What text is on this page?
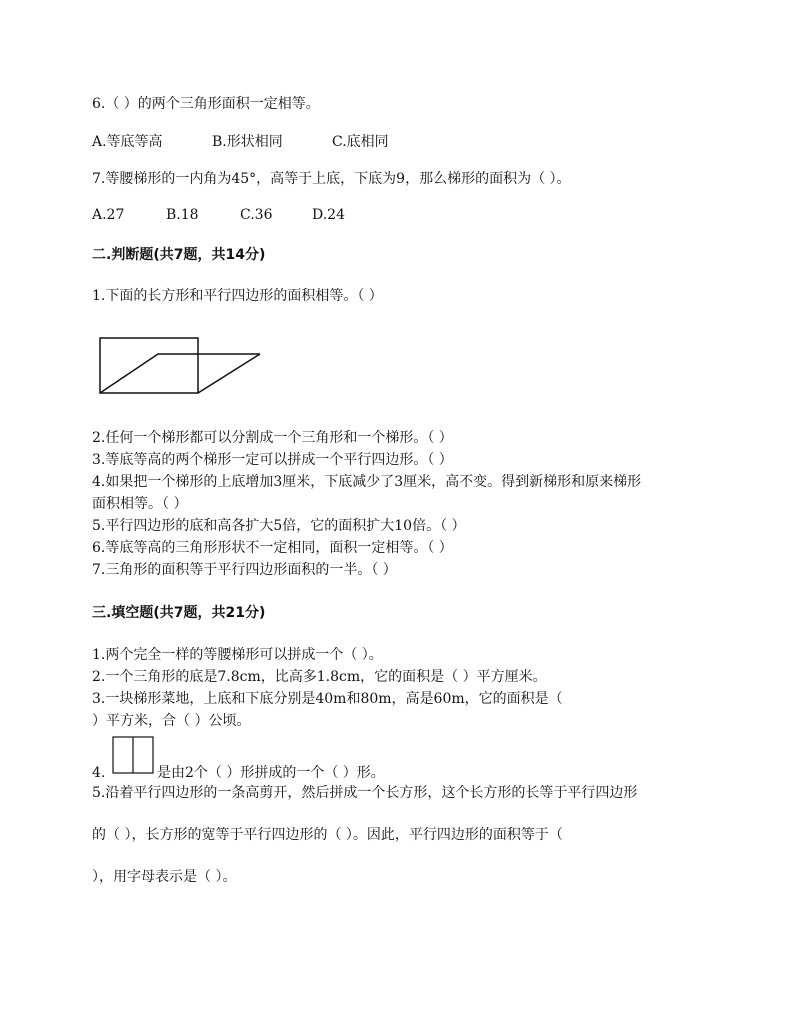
6.（ ）的两个三角形面积一定相等。
A.等底等高	B.形状相同	C.底相同
7.等腰梯形的一内角为45°，高等于上底，下底为9，那么梯形的面积为（ ）。
A.27	B.18	C.36	D.24
二.判断题(共7题，共14分)
1.下面的长方形和平行四边形的面积相等。（ ）
2.任何一个梯形都可以分割成一个三角形和一个梯形。（ ）
3.等底等高的两个梯形一定可以拼成一个平行四边形。（ ）
4.如果把一个梯形的上底增加3厘米，下底减少了3厘米，高不变。得到新梯形和原来梯形
面积相等。（ ）
5.平行四边形的底和高各扩大5倍，它的面积扩大10倍。（ ）
6.等底等高的三角形形状不一定相同，面积一定相等。（ ）
7.三角形的面积等于平行四边形面积的一半。（ ）
三.填空题(共7题，共21分)
1.两个完全一样的等腰梯形可以拼成一个（ ）。
2.一个三角形的底是7.8cm，比高多1.8cm，它的面积是（ ）平方厘米。
3.一块梯形菜地，上底和下底分别是40m和80m，高是60m，它的面积是（
）平方米，合（ ）公顷。
4.	是由2个（ ）形拼成的一个（ ）形。
5.沿着平行四边形的一条高剪开，然后拼成一个长方形，这个长方形的长等于平行四边形
的（ ），长方形的宽等于平行四边形的（ ）。因此，平行四边形的面积等于（
），用字母表示是（ ）。
